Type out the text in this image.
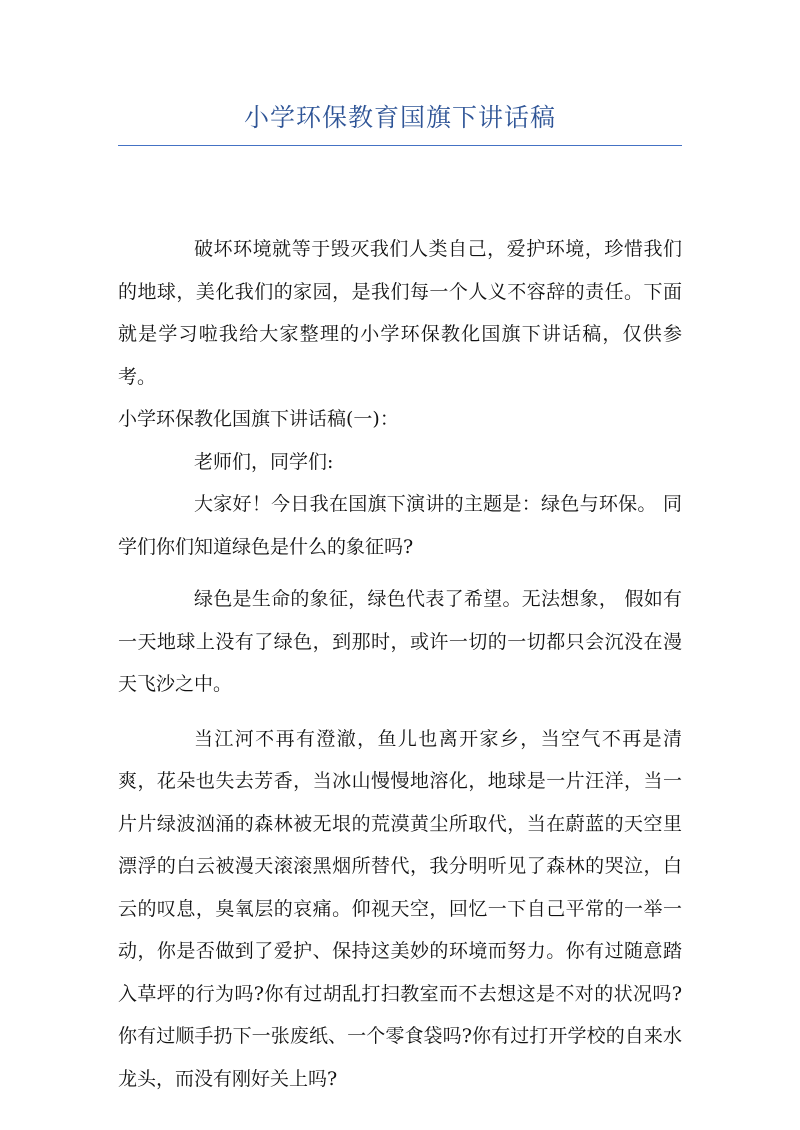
小学环保教育国旗下讲话稿

破坏环境就等于毁灭我们人类自己，爱护环境，珍惜我们的地球，美化我们的家园，是我们每一个人义不容辞的责任。下面就是学习啦我给大家整理的小学环保教化国旗下讲话稿，仅供参考。

小学环保教化国旗下讲话稿(一)：

老师们，同学们:

大家好！今日我在国旗下演讲的主题是：绿色与环保。 同学们你们知道绿色是什么的象征吗?

绿色是生命的象征，绿色代表了希望。无法想象， 假如有一天地球上没有了绿色，到那时，或许一切的一切都只会沉没在漫天飞沙之中。

当江河不再有澄澈，鱼儿也离开家乡，当空气不再是清爽，花朵也失去芳香，当冰山慢慢地溶化，地球是一片汪洋，当一片片绿波汹涌的森林被无垠的荒漠黄尘所取代，当在蔚蓝的天空里漂浮的白云被漫天滚滚黑烟所替代，我分明听见了森林的哭泣，白云的叹息，臭氧层的哀痛。仰视天空，回忆一下自己平常的一举一动，你是否做到了爱护、保持这美妙的环境而努力。你有过随意踏入草坪的行为吗?你有过胡乱打扫教室而不去想这是不对的状况吗?你有过顺手扔下一张废纸、一个零食袋吗?你有过打开学校的自来水龙头，而没有刚好关上吗?
